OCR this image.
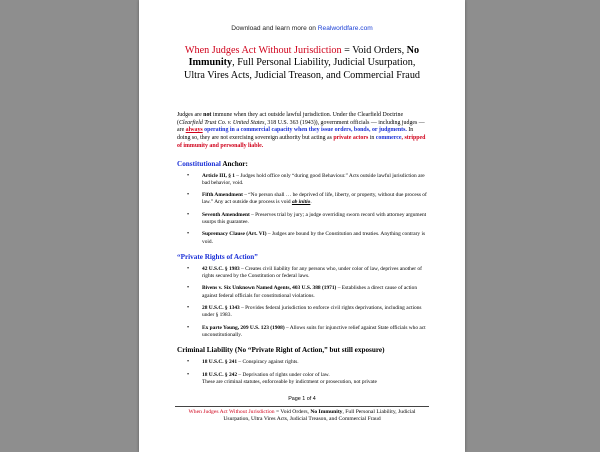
Download and learn more on Realworldfare.com
When Judges Act Without Jurisdiction = Void Orders, No Immunity, Full Personal Liability, Judicial Usurpation, Ultra Vires Acts, Judicial Treason, and Commercial Fraud

Judges are not immune when they act outside lawful jurisdiction. Under the Clearfield Doctrine (Clearfield Trust Co. v. United States, 318 U.S. 363 (1943)), government officials — including judges — are always operating in a commercial capacity when they issue orders, bonds, or judgments. In doing so, they are not exercising sovereign authority but acting as private actors in commerce, stripped of immunity and personally liable.

Constitutional Anchor:

• Article III, § 1 – Judges hold office only “during good Behaviour.” Acts outside lawful jurisdiction are bad behavior, void.
• Fifth Amendment – “No person shall … be deprived of life, liberty, or property, without due process of law.” Any act outside due process is void ab initio.
• Seventh Amendment – Preserves trial by jury; a judge overriding sworn record with attorney argument usurps this guarantee.
• Supremacy Clause (Art. VI) – Judges are bound by the Constitution and treaties. Anything contrary is void.

“Private Rights of Action”

• 42 U.S.C. § 1983 – Creates civil liability for any persons who, under color of law, deprives another of rights secured by the Constitution or federal laws.
• Bivens v. Six Unknown Named Agents, 403 U.S. 388 (1971) – Establishes a direct cause of action against federal officials for constitutional violations.
• 28 U.S.C. § 1343 – Provides federal jurisdiction to enforce civil rights deprivations, including actions under § 1983.
• Ex parte Young, 209 U.S. 123 (1908) – Allows suits for injunctive relief against State officials who act unconstitutionally.

Criminal Liability (No “Private Right of Action,” but still exposure)

• 18 U.S.C. § 241 – Conspiracy against rights.
• 18 U.S.C. § 242 – Deprivation of rights under color of law.
These are criminal statutes, enforceable by indictment or prosecution, not private
Page 1 of 4
When Judges Act Without Jurisdiction = Void Orders, No Immunity, Full Personal Liability, Judicial Usurpation, Ultra Vires Acts, Judicial Treason, and Commercial Fraud
